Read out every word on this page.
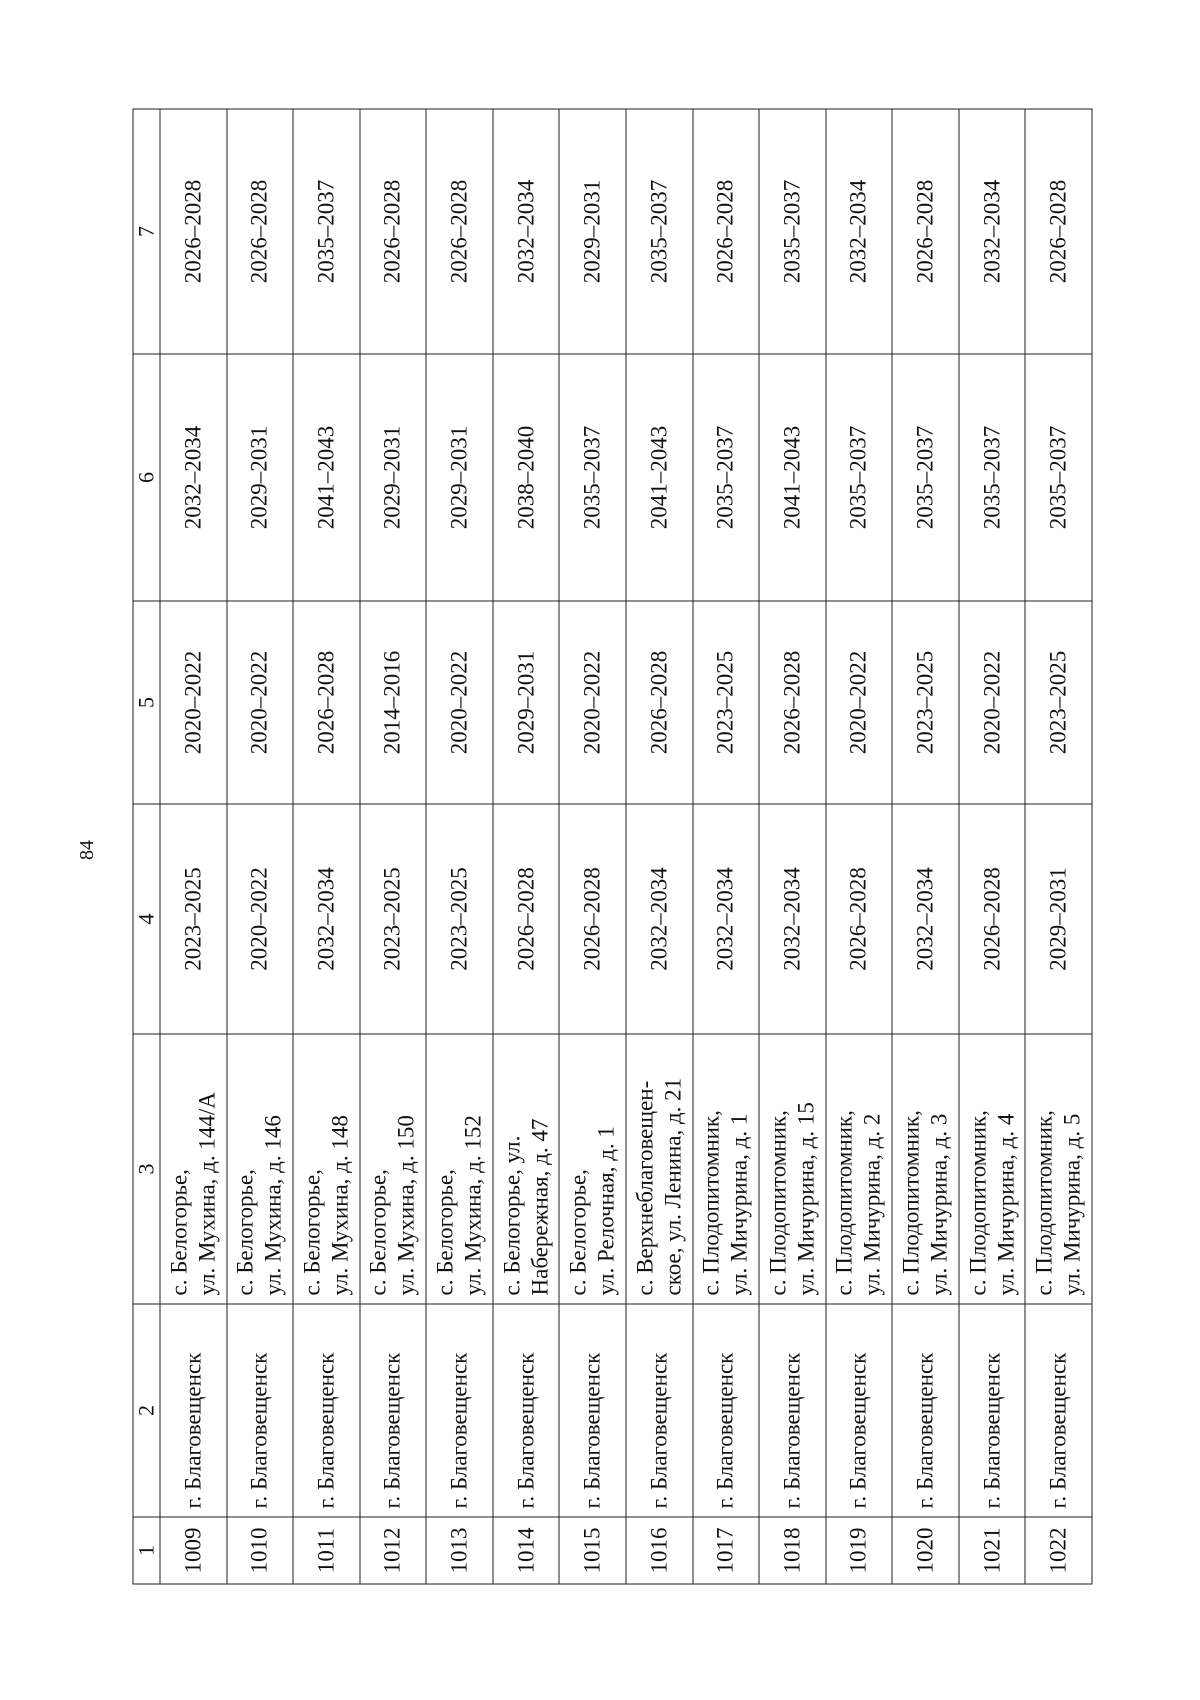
84
1	2	3	4	5	6	7
1009	г. Благовещенск	с. Белогорье, ул. Мухина, д. 144/А	2023–2025	2020–2022	2032–2034	2026–2028
1010	г. Благовещенск	с. Белогорье, ул. Мухина, д. 146	2020–2022	2020–2022	2029–2031	2026–2028
1011	г. Благовещенск	с. Белогорье, ул. Мухина, д. 148	2032–2034	2026–2028	2041–2043	2035–2037
1012	г. Благовещенск	с. Белогорье, ул. Мухина, д. 150	2023–2025	2014–2016	2029–2031	2026–2028
1013	г. Благовещенск	с. Белогорье, ул. Мухина, д. 152	2023–2025	2020–2022	2029–2031	2026–2028
1014	г. Благовещенск	с. Белогорье, ул. Набережная, д. 47	2026–2028	2029–2031	2038–2040	2032–2034
1015	г. Благовещенск	с. Белогорье, ул. Релочная, д. 1	2026–2028	2020–2022	2035–2037	2029–2031
1016	г. Благовещенск	с. Верхнеблаговещен- ское, ул. Ленина, д. 21	2032–2034	2026–2028	2041–2043	2035–2037
1017	г. Благовещенск	с. Плодопитомник, ул. Мичурина, д. 1	2032–2034	2023–2025	2035–2037	2026–2028
1018	г. Благовещенск	с. Плодопитомник, ул. Мичурина, д. 15	2032–2034	2026–2028	2041–2043	2035–2037
1019	г. Благовещенск	с. Плодопитомник, ул. Мичурина, д. 2	2026–2028	2020–2022	2035–2037	2032–2034
1020	г. Благовещенск	с. Плодопитомник, ул. Мичурина, д. 3	2032–2034	2023–2025	2035–2037	2026–2028
1021	г. Благовещенск	с. Плодопитомник, ул. Мичурина, д. 4	2026–2028	2020–2022	2035–2037	2032–2034
1022	г. Благовещенск	с. Плодопитомник, ул. Мичурина, д. 5	2029–2031	2023–2025	2035–2037	2026–2028
